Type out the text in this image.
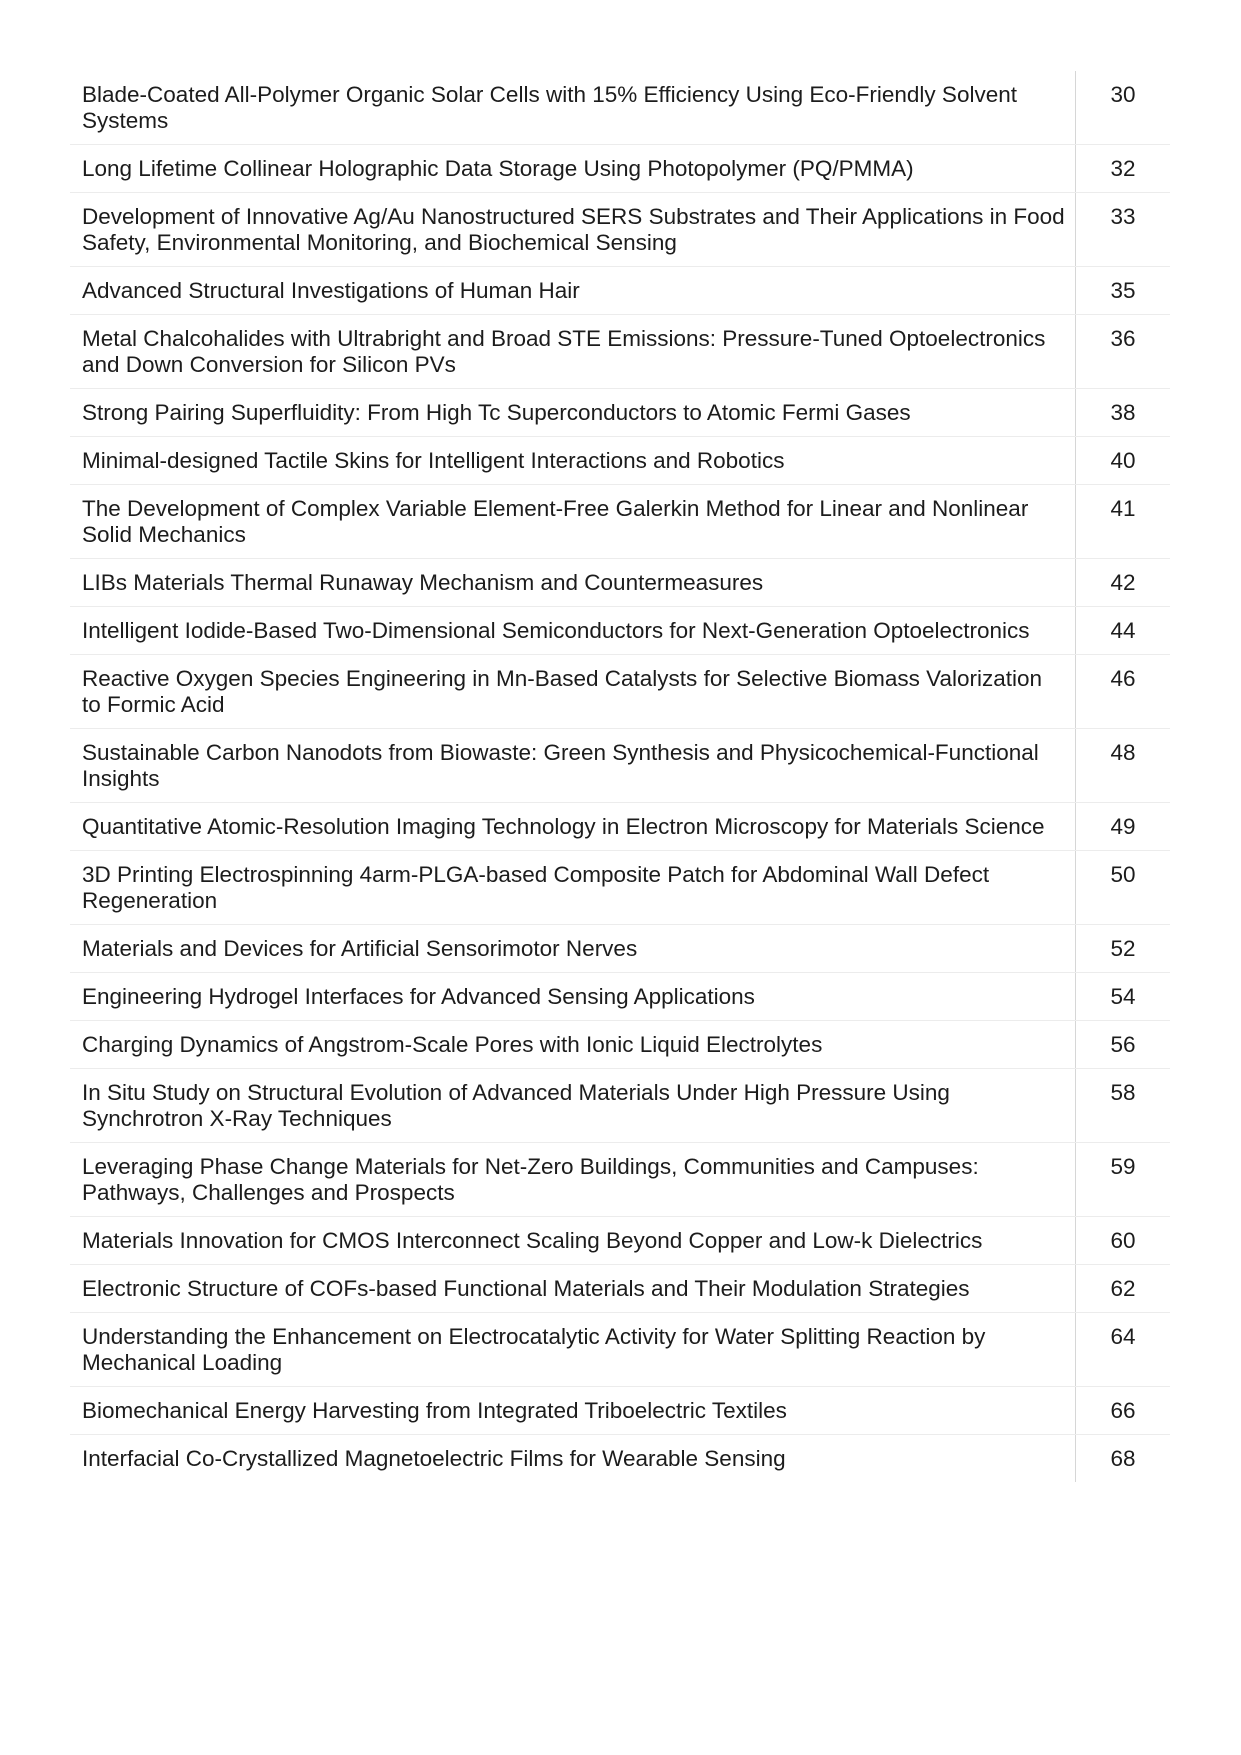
Blade-Coated All-Polymer Organic Solar Cells with 15% Efficiency Using Eco-Friendly Solvent Systems	30
Long Lifetime Collinear Holographic Data Storage Using Photopolymer (PQ/PMMA)	32
Development of Innovative Ag/Au Nanostructured SERS Substrates and Their Applications in Food Safety, Environmental Monitoring, and Biochemical Sensing	33
Advanced Structural Investigations of Human Hair	35
Metal Chalcohalides with Ultrabright and Broad STE Emissions: Pressure-Tuned Optoelectronics and Down Conversion for Silicon PVs	36
Strong Pairing Superfluidity: From High Tc Superconductors to Atomic Fermi Gases	38
Minimal-designed Tactile Skins for Intelligent Interactions and Robotics	40
The Development of Complex Variable Element-Free Galerkin Method for Linear and Nonlinear Solid Mechanics	41
LIBs Materials Thermal Runaway Mechanism and Countermeasures	42
Intelligent Iodide-Based Two-Dimensional Semiconductors for Next-Generation Optoelectronics	44
Reactive Oxygen Species Engineering in Mn-Based Catalysts for Selective Biomass Valorization to Formic Acid	46
Sustainable Carbon Nanodots from Biowaste: Green Synthesis and Physicochemical-Functional Insights	48
Quantitative Atomic-Resolution Imaging Technology in Electron Microscopy for Materials Science	49
3D Printing Electrospinning 4arm-PLGA-based Composite Patch for Abdominal Wall Defect Regeneration	50
Materials and Devices for Artificial Sensorimotor Nerves	52
Engineering Hydrogel Interfaces for Advanced Sensing Applications	54
Charging Dynamics of Angstrom-Scale Pores with Ionic Liquid Electrolytes	56
In Situ Study on Structural Evolution of Advanced Materials Under High Pressure Using Synchrotron X-Ray Techniques	58
Leveraging Phase Change Materials for Net-Zero Buildings, Communities and Campuses: Pathways, Challenges and Prospects	59
Materials Innovation for CMOS Interconnect Scaling Beyond Copper and Low-k Dielectrics	60
Electronic Structure of COFs-based Functional Materials and Their Modulation Strategies	62
Understanding the Enhancement on Electrocatalytic Activity for Water Splitting Reaction by Mechanical Loading	64
Biomechanical Energy Harvesting from Integrated Triboelectric Textiles	66
Interfacial Co-Crystallized Magnetoelectric Films for Wearable Sensing	68
